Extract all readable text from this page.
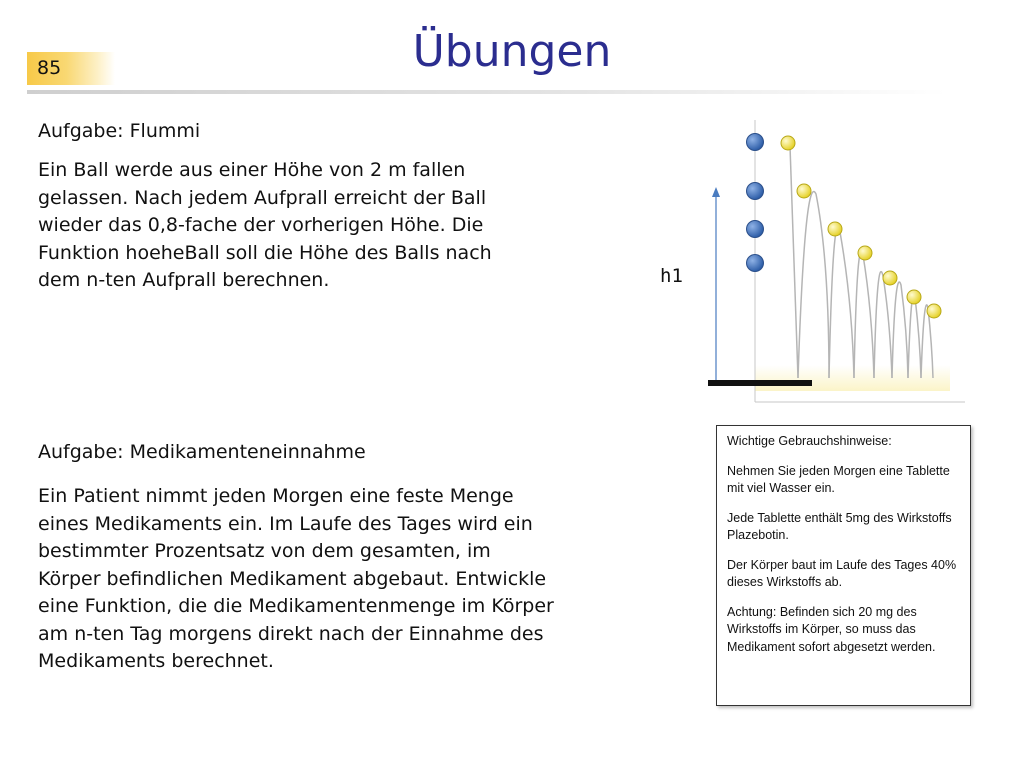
85	Übungen
Aufgabe: Flummi

Ein Ball werde aus einer Höhe von 2 m fallen gelassen. Nach jedem Aufprall erreicht der Ball wieder das 0,8-fache der vorherigen Höhe. Die Funktion hoeheBall soll die Höhe des Balls nach dem n-ten Aufprall berechnen.	h1
Aufgabe: Medikamenteneinnahme

Ein Patient nimmt jeden Morgen eine feste Menge eines Medikaments ein. Im Laufe des Tages wird ein bestimmter Prozentsatz von dem gesamten, im Körper befindlichen Medikament abgebaut. Entwickle eine Funktion, die die Medikamentenmenge im Körper am n-ten Tag morgens direkt nach der Einnahme des Medikaments berechnet.

Wichtige Gebrauchshinweise:

Nehmen Sie jeden Morgen eine Tablette mit viel Wasser ein.

Jede Tablette enthält 5mg des Wirkstoffs Plazebotin.

Der Körper baut im Laufe des Tages 40% dieses Wirkstoffs ab.

Achtung: Befinden sich 20 mg des Wirkstoffs im Körper, so muss das Medikament sofort abgesetzt werden.
